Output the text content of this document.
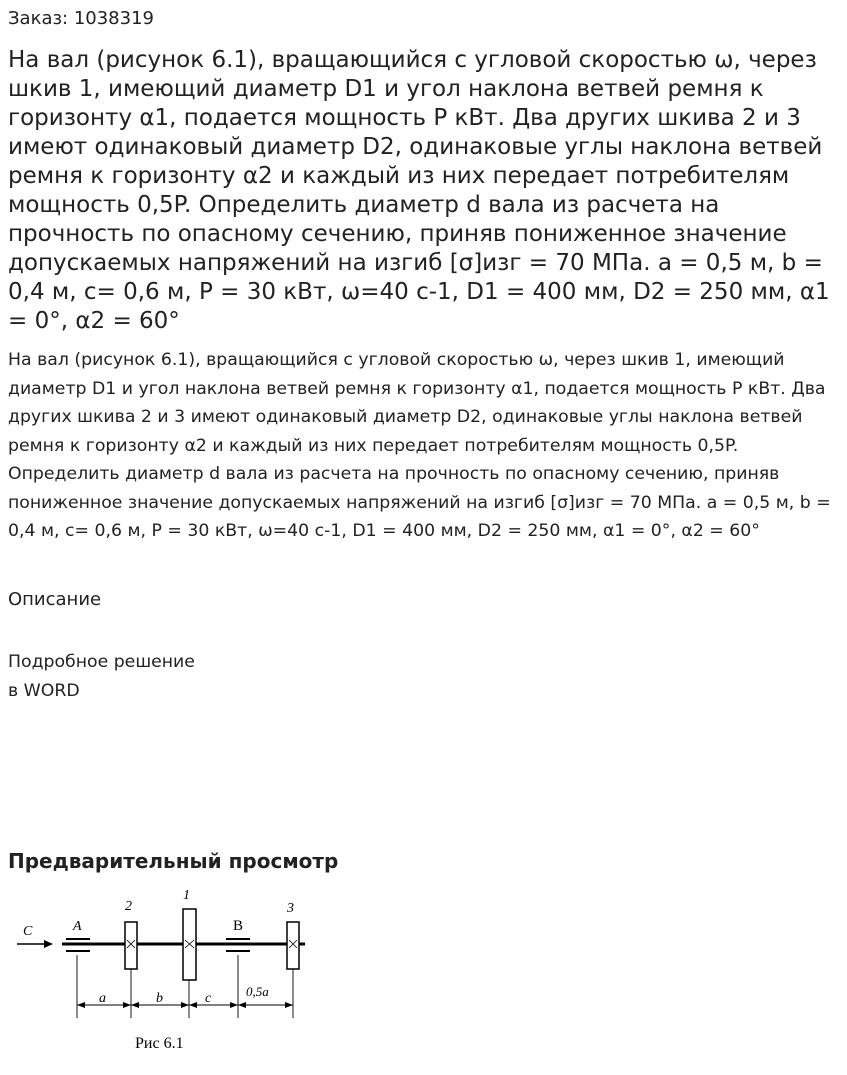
Заказ: 1038319
На вал (рисунок 6.1), вращающийся с угловой скоростью ω, через шкив 1, имеющий диаметр D1 и угол наклона ветвей ремня к горизонту α1, подается мощность P кВт. Два других шкива 2 и 3 имеют одинаковый диаметр D2, одинаковые углы наклона ветвей ремня к горизонту α2 и каждый из них передает потребителям мощность 0,5P. Определить диаметр d вала из расчета на прочность по опасному сечению, приняв пониженное значение допускаемых напряжений на изгиб [σ]изг = 70 МПа. a = 0,5 м, b = 0,4 м, c= 0,6 м, P = 30 кВт, ω=40 c-1, D1 = 400 мм, D2 = 250 мм, α1 = 0°, α2 = 60°

На вал (рисунок 6.1), вращающийся с угловой скоростью ω, через шкив 1, имеющий диаметр D1 и угол наклона ветвей ремня к горизонту α1, подается мощность P кВт. Два других шкива 2 и 3 имеют одинаковый диаметр D2, одинаковые углы наклона ветвей ремня к горизонту α2 и каждый из них передает потребителям мощность 0,5P. Определить диаметр d вала из расчета на прочность по опасному сечению, приняв пониженное значение допускаемых напряжений на изгиб [σ]изг = 70 МПа. a = 0,5 м, b = 0,4 м, c= 0,6 м, P = 30 кВт, ω=40 c-1, D1 = 400 мм, D2 = 250 мм, α1 = 0°, α2 = 60°

Описание
Подробное решение
в WORD
Предварительный просмотр
C	A
2
1
B
3
a	b	c	0,5a
Рис 6.1
